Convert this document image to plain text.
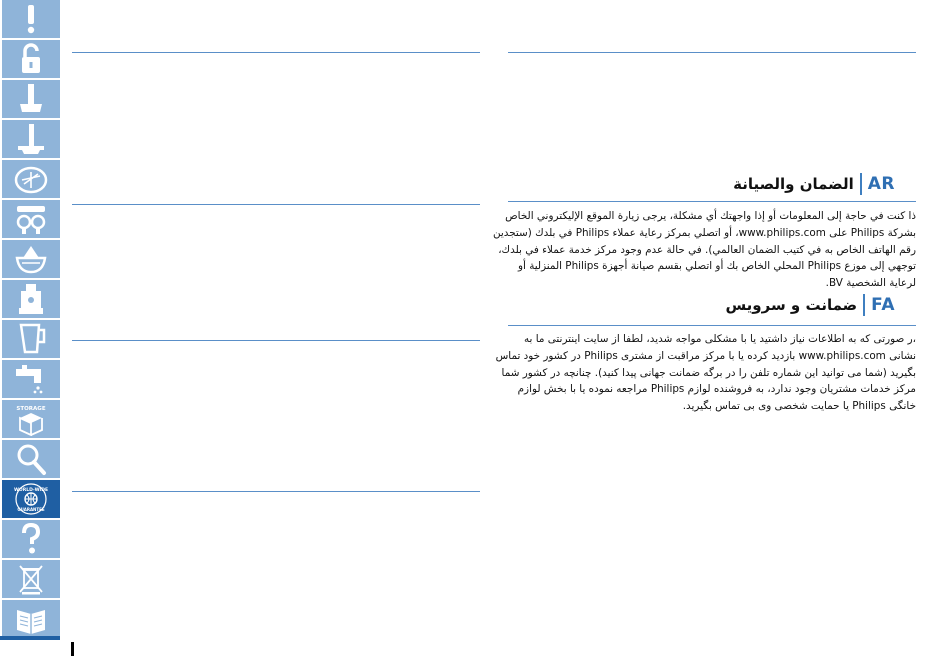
STORAGE
WORLD-WIDE
GUARANTEE
الضمان والصيانة AR

ذا كنت في حاجة إلى المعلومات أو إذا واجهتك أي مشكلة، يرجى زيارة الموقع الإليكتروني الخاص

بشركة Philips على www.philips.com، أو اتصلي بمركز رعاية عملاء Philips في بلدك (ستجدين

رقم الهاتف الخاص به في كتيب الضمان العالمي). في حالة عدم وجود مركز خدمة عملاء في بلدك،

توجهي إلى موزع Philips المحلي الخاص بك أو اتصلي بقسم صيانة أجهزة Philips المنزلية أو

لرعاية الشخصية BV.

ضمانت و سرويس FA

،ر صورتی كه به اطلاعات نياز داشتيد يا با مشكلی مواجه شديد، لطفا از سايت اينترنتی ما به

نشانی www.philips.com بازديد كرده يا با مركز مراقبت از مشتری Philips در كشور خود تماس

بگيريد (شما می توانيد اين شماره تلفن را در برگه ضمانت جهانی پيدا كنيد). چنانچه در كشور شما

مركز خدمات مشتريان وجود ندارد، به فروشنده لوازم Philips مراجعه نموده يا با بخش لوازم

خانگی Philips يا حمايت شخصی وی بی تماس بگيريد.
